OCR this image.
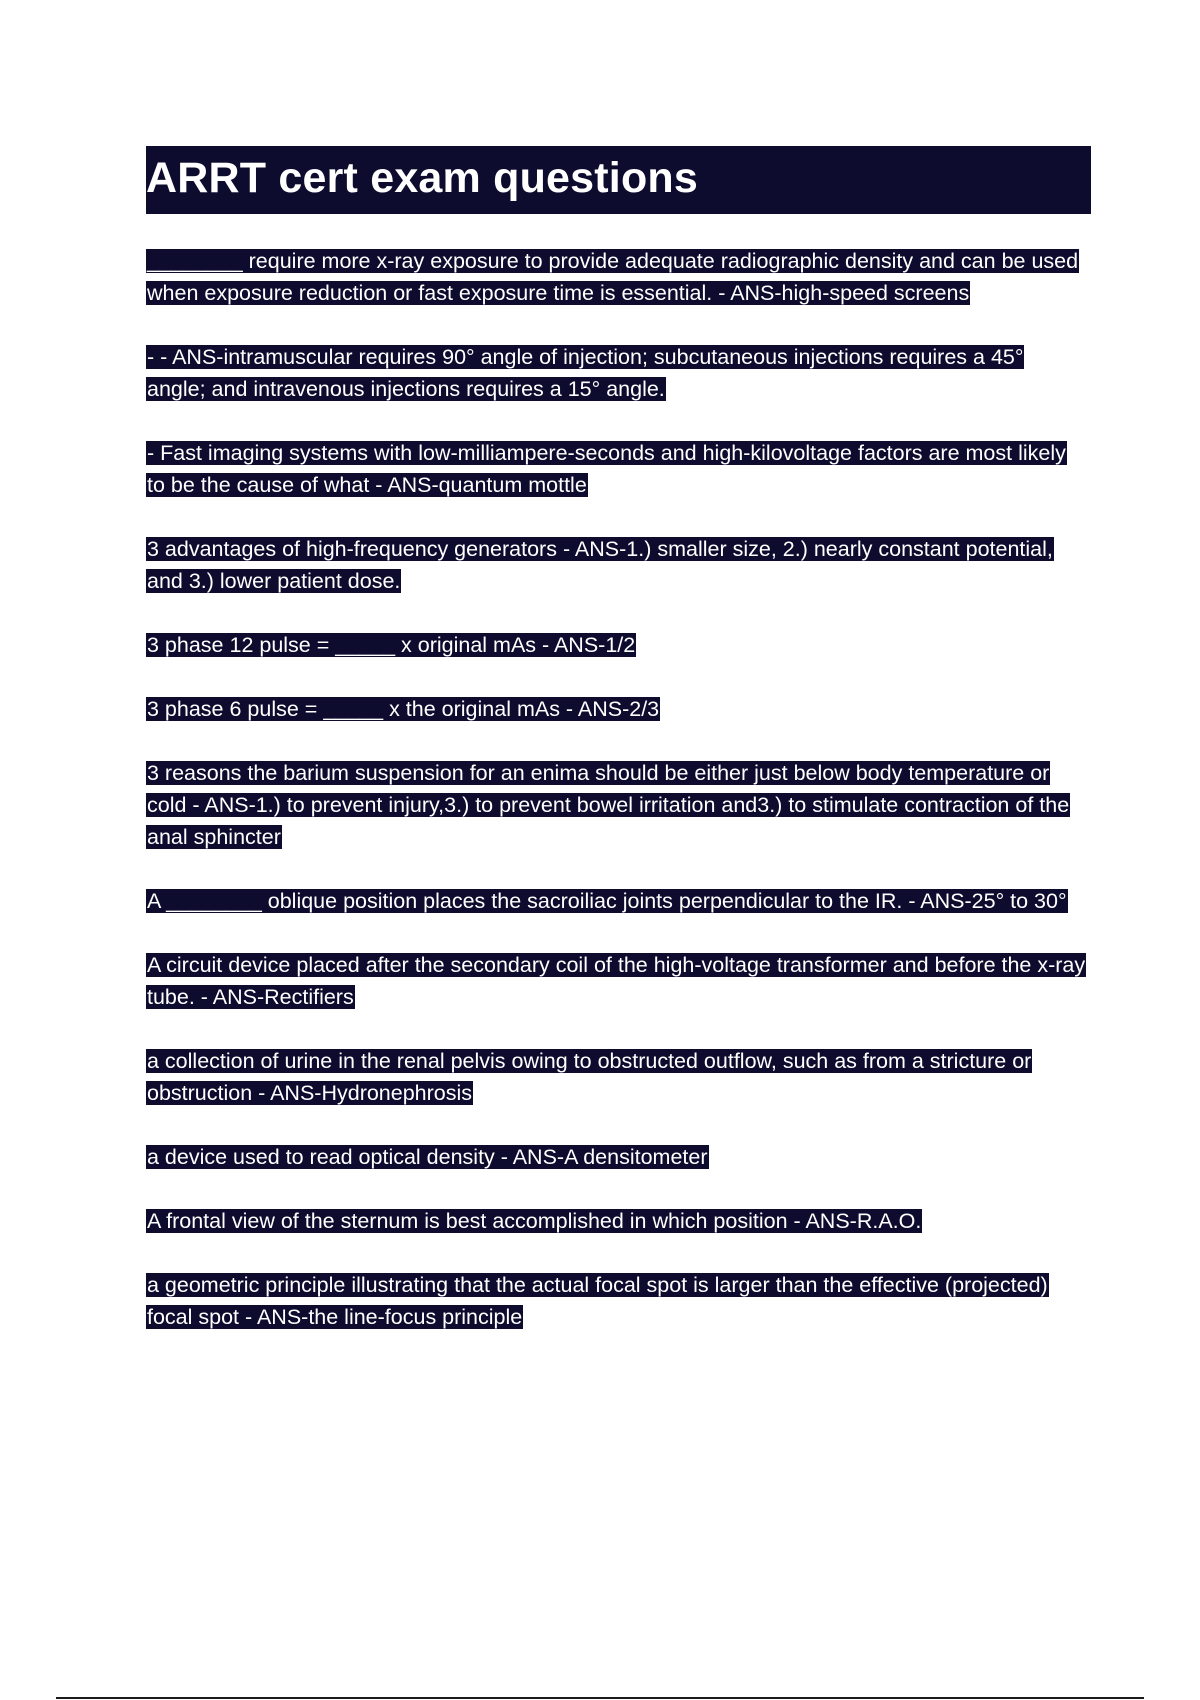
ARRT cert exam questions

________ require more x-ray exposure to provide adequate radiographic density and can be used when exposure reduction or fast exposure time is essential. - ANS-high-speed screens

- - ANS-intramuscular requires 90° angle of injection; subcutaneous injections requires a 45° angle; and intravenous injections requires a 15° angle.

- Fast imaging systems with low-milliampere-seconds and high-kilovoltage factors are most likely to be the cause of what - ANS-quantum mottle

3 advantages of high-frequency generators - ANS-1.) smaller size, 2.) nearly constant potential, and 3.) lower patient dose.

3 phase 12 pulse = _____ x original mAs - ANS-1/2

3 phase 6 pulse = _____ x the original mAs - ANS-2/3

3 reasons the barium suspension for an enima should be either just below body temperature or cold - ANS-1.) to prevent injury,3.) to prevent bowel irritation and3.) to stimulate contraction of the anal sphincter

A ________ oblique position places the sacroiliac joints perpendicular to the IR. - ANS-25° to 30°

A circuit device placed after the secondary coil of the high-voltage transformer and before the x-ray tube. - ANS-Rectifiers

a collection of urine in the renal pelvis owing to obstructed outflow, such as from a stricture or obstruction - ANS-Hydronephrosis

a device used to read optical density - ANS-A densitometer

A frontal view of the sternum is best accomplished in which position - ANS-R.A.O.

a geometric principle illustrating that the actual focal spot is larger than the effective (projected) focal spot - ANS-the line-focus principle
